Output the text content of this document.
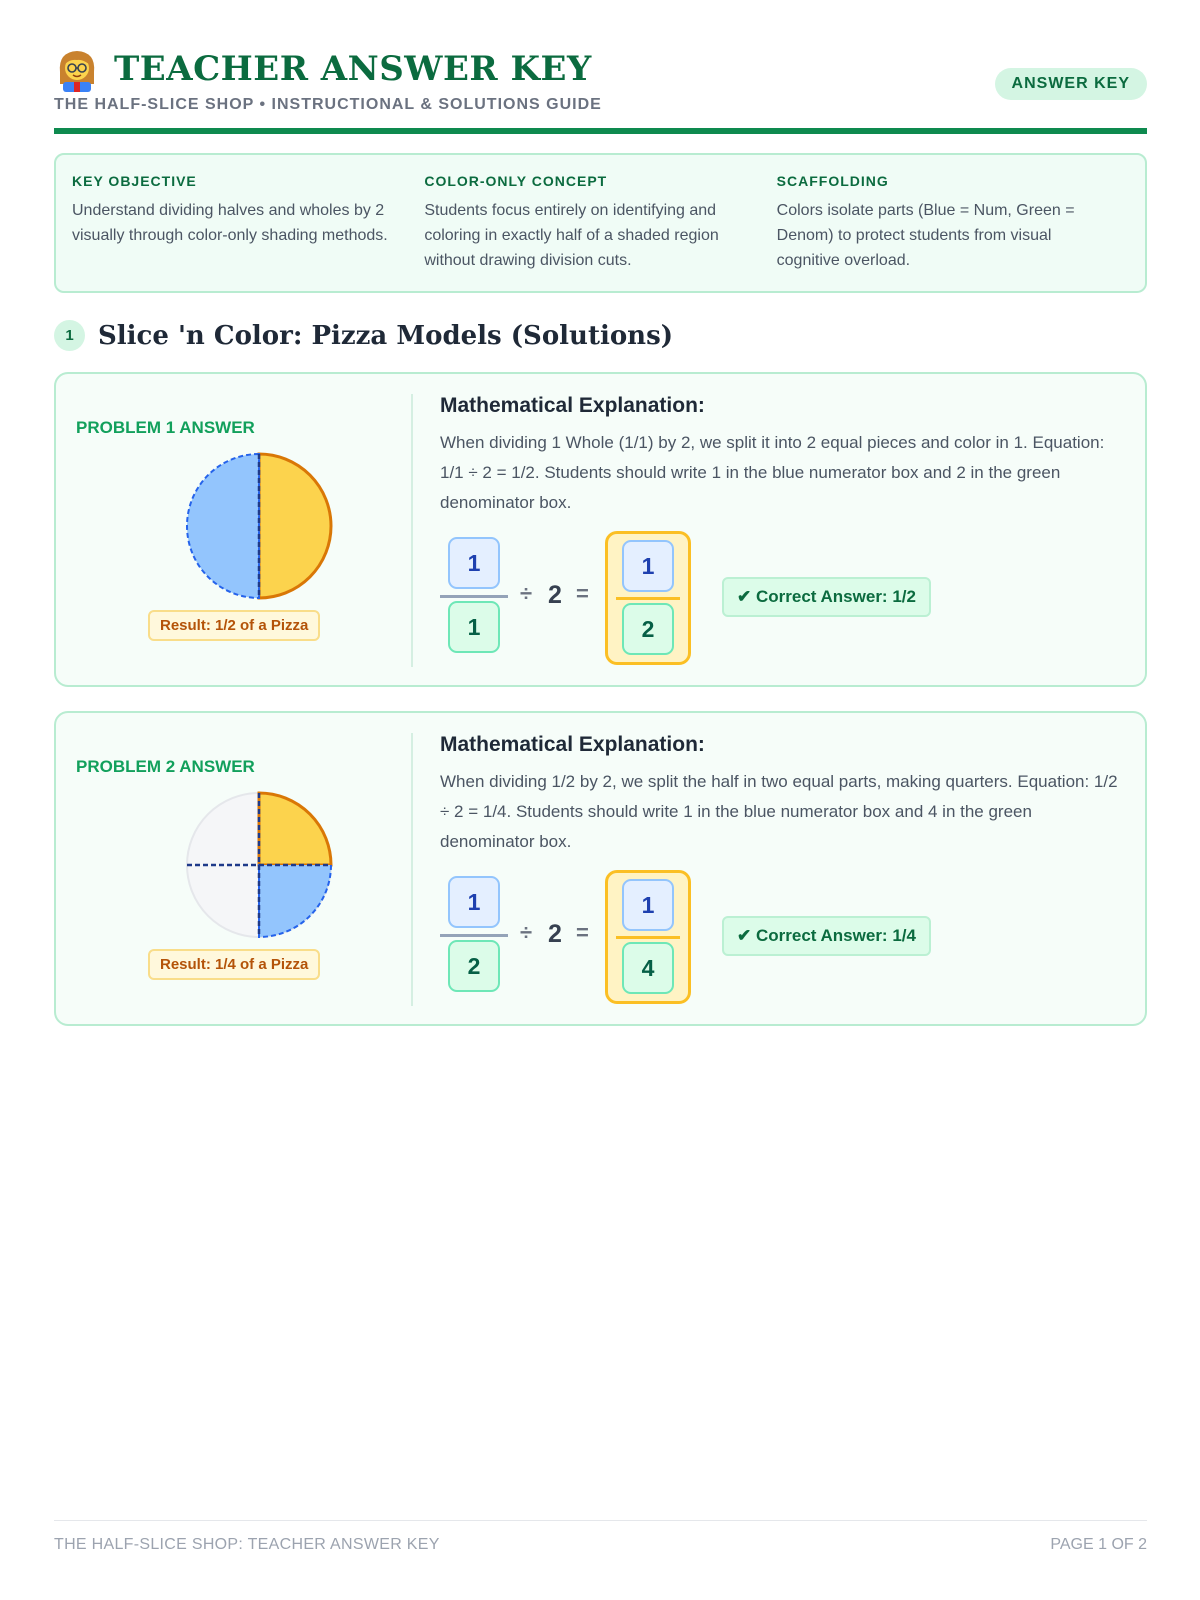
TEACHER ANSWER KEY
THE HALF-SLICE SHOP • INSTRUCTIONAL & SOLUTIONS GUIDE
ANSWER KEY
KEY OBJECTIVE
Understand dividing halves and wholes by 2 visually through color-only shading methods.
COLOR-ONLY CONCEPT
Students focus entirely on identifying and coloring in exactly half of a shaded region without drawing division cuts.
SCAFFOLDING
Colors isolate parts (Blue = Num, Green = Denom) to protect students from visual cognitive overload.
1 Slice 'n Color: Pizza Models (Solutions)
PROBLEM 1 ANSWER
Result: 1/2 of a Pizza
Mathematical Explanation:
When dividing 1 Whole (1/1) by 2, we split it into 2 equal pieces and color in 1. Equation: 1/1 ÷ 2 = 1/2. Students should write 1 in the blue numerator box and 2 in the green denominator box.
$\frac{1}{1} \div 2 = \frac{1}{2}$	✔ Correct Answer: 1/2
PROBLEM 2 ANSWER
Result: 1/4 of a Pizza
Mathematical Explanation:
When dividing 1/2 by 2, we split the half in two equal parts, making quarters. Equation: 1/2 ÷ 2 = 1/4. Students should write 1 in the blue numerator box and 4 in the green denominator box.
$\frac{1}{2} \div 2 = \frac{1}{4}$	✔ Correct Answer: 1/4
THE HALF-SLICE SHOP: TEACHER ANSWER KEY	PAGE 1 OF 2
